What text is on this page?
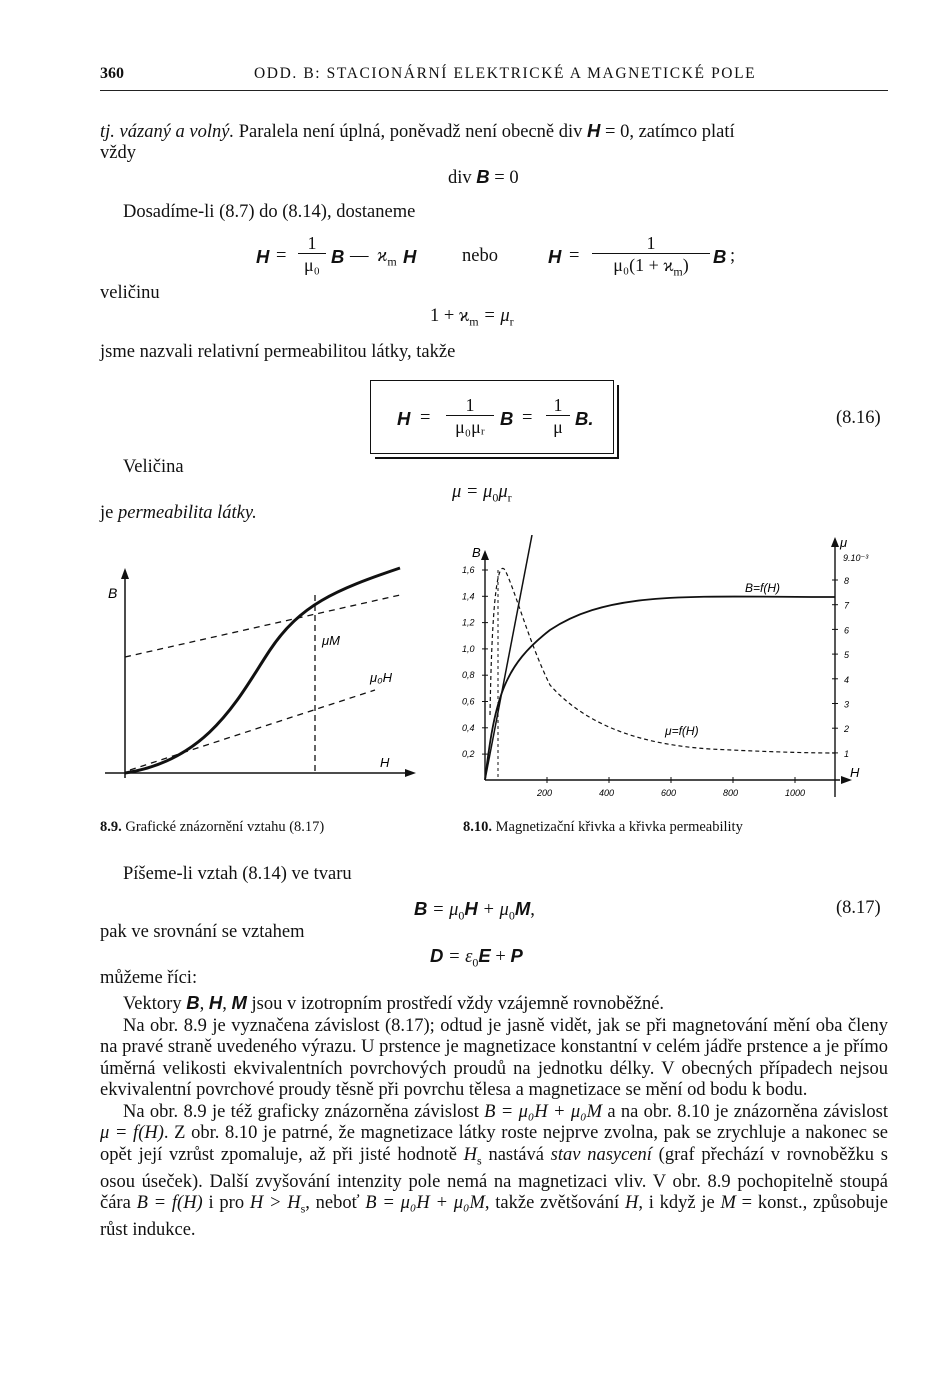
360	ODD. B: STACIONÁRNÍ ELEKTRICKÉ A MAGNETICKÉ POLE
tj. vázaný a volný. Paralela není úplná, poněvadž není obecně div H = 0, zatímco platí
vždy
div B = 0
Dosadíme-li (8.7) do (8.14), dostaneme
$H = \frac{1}{\text{μ₀}}$ B — $ϰ_m$ H nebo	$H = \frac{1}{\mu_0(1 + ϰ_m)}$ B ;
veličinu
$1 + ϰ_m = \mu_r$
jsme nazvali relativní permeabilitou látky, takže
$H = \frac{1}{\text{μ₀μᵣ}}$ $B = \frac{1}{\mu} B$.	(8.16)
Veličina
$\mu = \mu_0\mu_r$
je permeabilita látky.
B
μM
μ₀H
H
8.9. Grafické znázornění vztahu (8.17)
1,6
1,4
1,2
1,0
0,8
0,6
0,4
0,2
8
7
6
5
4
3
2
1
200	400	600	800	1000
B
μ
9.10⁻³
H
B=f(H)
μ=f(H)
8.10. Magnetizační křivka a křivka permeability
Píšeme-li vztah (8.14) ve tvaru
$B = \mu_0H + \mu_0M$,	(8.17)
pak ve srovnání se vztahem
$D = \varepsilon_0E + P$
můžeme říci:

Vektory B, H, M jsou v izotropním prostředí vždy vzájemně rovnoběžné.

Na obr. 8.9 je vyznačena závislost (8.17); odtud je jasně vidět, jak se při magnetování mění oba členy na pravé straně uvedeného výrazu. U prstence je magnetizace konstantní v celém jádře prstence a je přímo úměrná velikosti ekvivalentních povrchových proudů na jednotku délky. V obecných případech nejsou ekvivalentní povrchové proudy těsně při povrchu tělesa a magnetizace se mění od bodu k bodu.

Na obr. 8.9 je též graficky znázorněna závislost B = μ₀H + μ₀M a na obr. 8.10 je znázorněna závislost μ = f(H). Z obr. 8.10 je patrné, že magnetizace látky roste nejprve zvolna, pak se zrychluje a nakonec se opět její vzrůst zpomaluje, až při jisté hodnotě $H_s$ nastává stav nasycení (graf přechází v rovnoběžku s osou úseček). Další zvyšování intenzity pole nemá na magnetizaci vliv. V obr. 8.9 pochopitelně stoupá čára B = f(H) i pro $H > H_s$, neboť B = μ₀H + μ₀M, takže zvětšování H, i když je M = konst., způsobuje růst indukce.
